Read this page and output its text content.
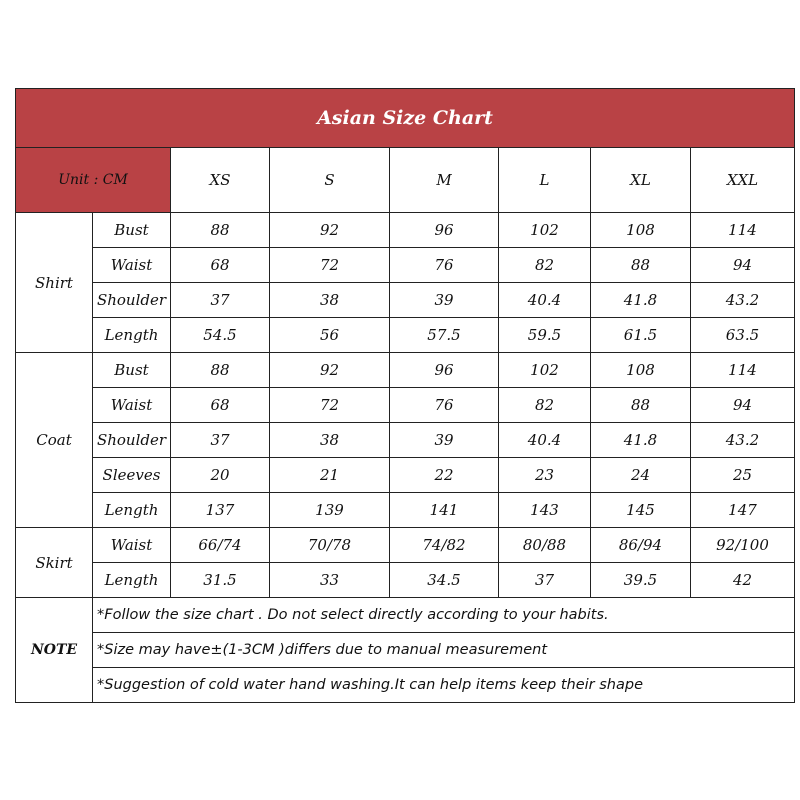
Asian Size Chart							
Unit : CM		XS	S	M	L	XL	XXL
Shirt	Bust	88	92	96	102	108	114
	Waist	68	72	76	82	88	94
	Shoulder	37	38	39	40.4	41.8	43.2
	Length	54.5	56	57.5	59.5	61.5	63.5
Coat	Bust	88	92	96	102	108	114
	Waist	68	72	76	82	88	94
	Shoulder	37	38	39	40.4	41.8	43.2
	Sleeves	20	21	22	23	24	25
	Length	137	139	141	143	145	147
Skirt	Waist	66/74	70/78	74/82	80/88	86/94	92/100
	Length	31.5	33	34.5	37	39.5	42
NOTE	*Follow the size chart . Do not select directly according to your habits.						
	*Size may have±(1-3CM )differs due to manual measurement						
	*Suggestion of cold water hand washing.It can help items keep their shape						
